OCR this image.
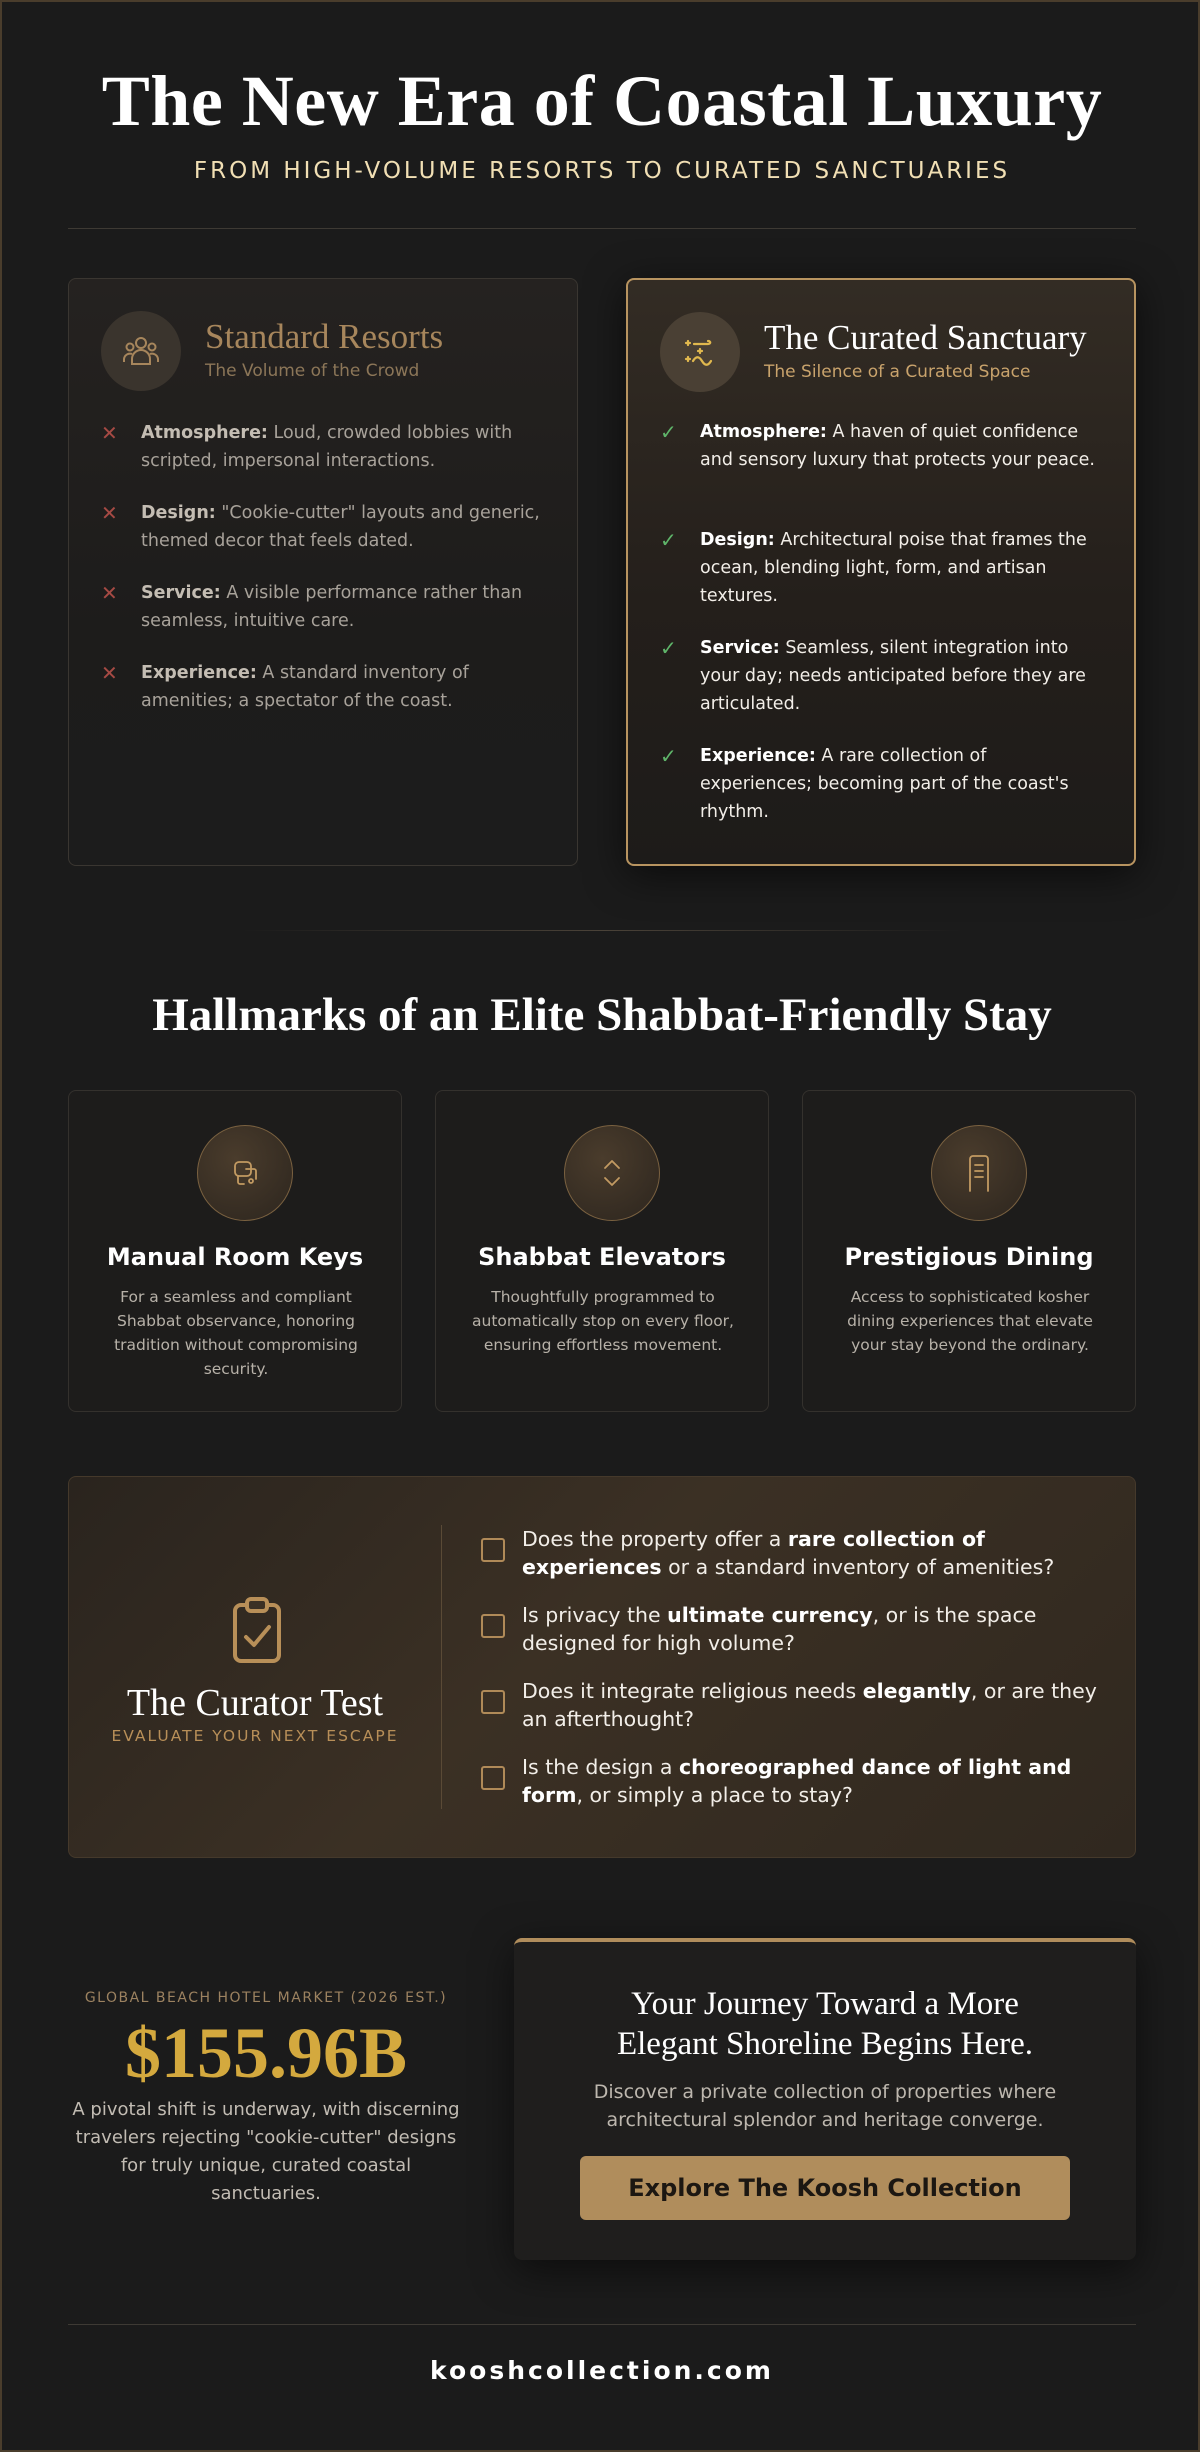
The New Era of Coastal Luxury
FROM HIGH-VOLUME RESORTS TO CURATED SANCTUARIES
Standard Resorts
The Volume of the Crowd
✕	Atmosphere: Loud, crowded lobbies with scripted, impersonal interactions.
✕	Design: "Cookie-cutter" layouts and generic, themed decor that feels dated.
✕	Service: A visible performance rather than seamless, intuitive care.
✕	Experience: A standard inventory of amenities; a spectator of the coast.
The Curated Sanctuary
The Silence of a Curated Space
✓	Atmosphere: A haven of quiet confidence and sensory luxury that protects your peace.
✓	Design: Architectural poise that frames the ocean, blending light, form, and artisan textures.
✓	Service: Seamless, silent integration into your day; needs anticipated before they are articulated.
✓	Experience: A rare collection of experiences; becoming part of the coast's rhythm.
Hallmarks of an Elite Shabbat-Friendly Stay
Manual Room Keys
For a seamless and compliant Shabbat observance, honoring tradition without compromising security.
Shabbat Elevators
Thoughtfully programmed to automatically stop on every floor, ensuring effortless movement.
Prestigious Dining
Access to sophisticated kosher dining experiences that elevate your stay beyond the ordinary.
The Curator Test
EVALUATE YOUR NEXT ESCAPE
Does the property offer a rare collection of experiences or a standard inventory of amenities?
Is privacy the ultimate currency, or is the space designed for high volume?
Does it integrate religious needs elegantly, or are they an afterthought?
Is the design a choreographed dance of light and form, or simply a place to stay?
GLOBAL BEACH HOTEL MARKET (2026 EST.)
$155.96B
A pivotal shift is underway, with discerning travelers rejecting "cookie-cutter" designs for truly unique, curated coastal sanctuaries.
Your Journey Toward a More
Elegant Shoreline Begins Here.
Discover a private collection of properties where architectural splendor and heritage converge.
Explore The Koosh Collection
kooshcollection.com
